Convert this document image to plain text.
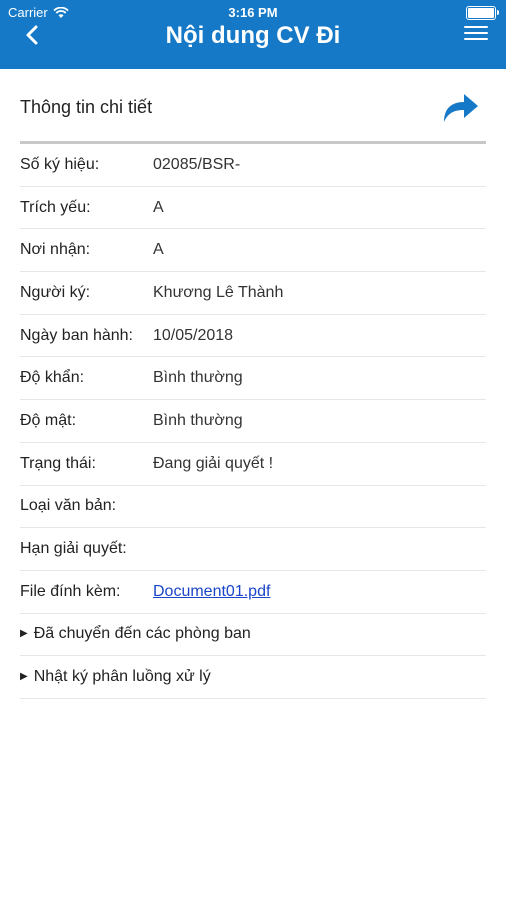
Carrier	3:16 PM
Nội dung CV Đi
Thông tin chi tiết
Số ký hiệu:	02085/BSR-
Trích yếu:	A
Nơi nhận:	A
Người ký:	Khương Lê Thành
Ngày ban hành:	10/05/2018
Độ khẩn:	Bình thường
Độ mật:	Bình thường
Trạng thái:	Đang giải quyết !
Loại văn bản:
Hạn giải quyết:
File đính kèm:	Document01.pdf
▶ Đã chuyển đến các phòng ban
▶ Nhật ký phân luồng xử lý
